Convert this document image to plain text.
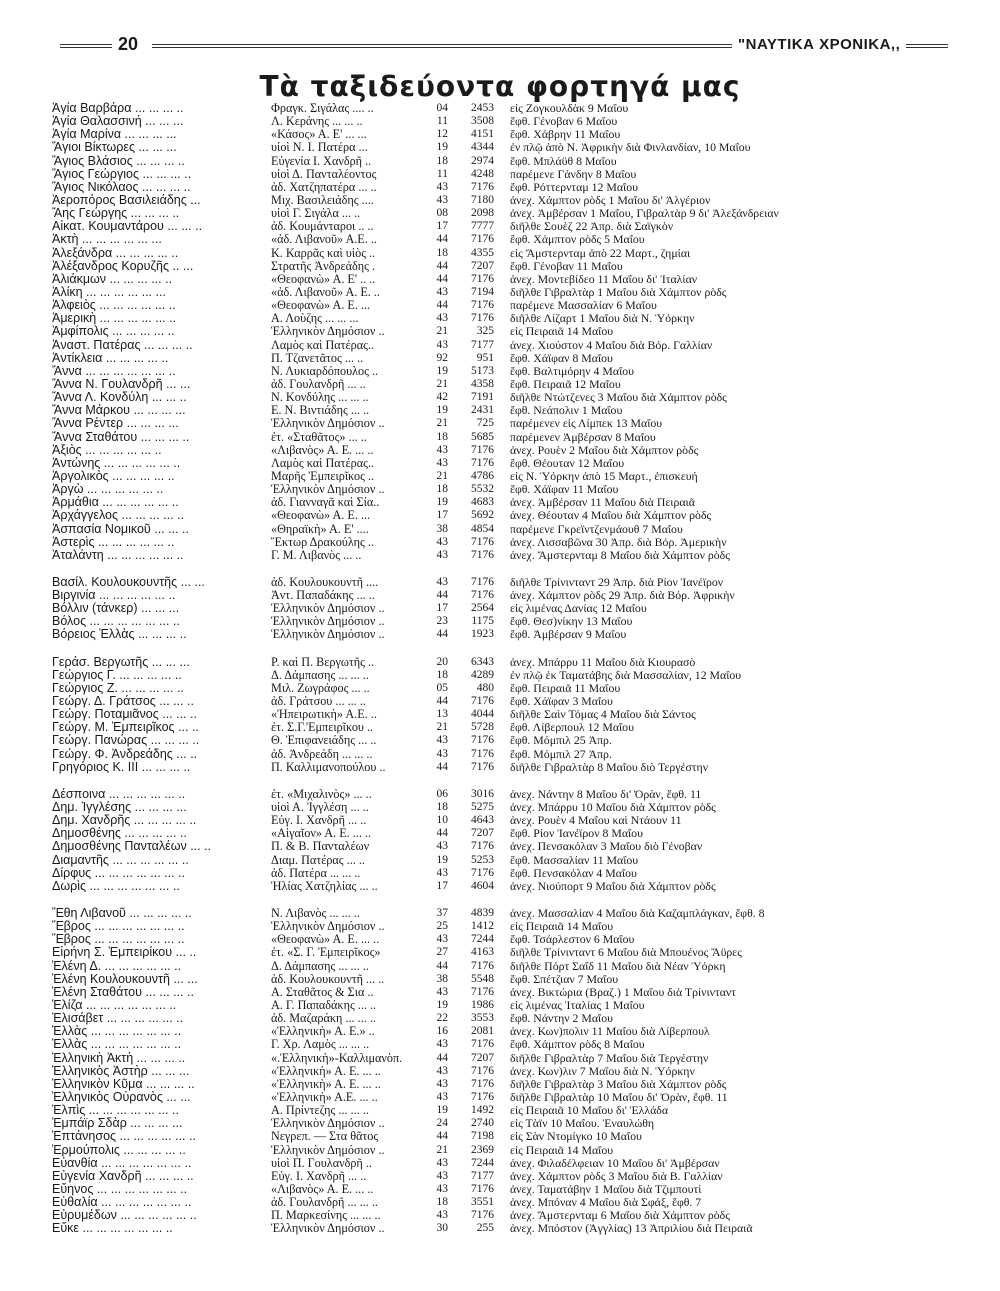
20	"ΝΑΥΤΙΚΑ ΧΡΟΝΙΚΑ,,
Τὰ ταξιδεύοντα φορτηγά μας
Ἁγία Βαρβάρα ... ... ... ..	Φραγκ. Σιγάλας .... ..	04	2453 εἰς Ζογκουλδὰκ 9 Μαΐου
Ἁγία Θαλασσινή ... ... ...	Λ. Κεράνης ... ... ..	11	3508 ἔφθ. Γένοβαν 6 Μαΐου
Ἁγία Μαρίνα ... ... ... ...	«Κάσος» Α. Ε' ... ...	12	4151 ἔφθ. Χάβρην 11 Μαΐου
Ἅγιοι Βίκτωρες ... ... ...	υἱοὶ Ν. Ι. Πατέρα ...	19	4344 ἐν πλῷ ἀπὸ Ν. Ἀφρικὴν διὰ Φινλανδίαν, 10 Μαΐου
Ἅγιος Βλάσιος ... ... ... ..	Εὐγενία Ι. Χανδρῆ ..	18	2974 ἔφθ. Μπλάϋθ 8 Μαΐου
Ἅγιος Γεώργιος ... ... ... ..	υἱοὶ Δ. Πανταλέοντος	11	4248 παρέμενε Γάνδην 8 Μαΐου
Ἅγιος Νικόλαος ... ... ... ..	ἀδ. Χατζηπατέρα ... ..	43	7176 ἔφθ. Ρόττερνταμ 12 Μαΐου
Ἀεροπόρος Βασιλειάδης ...	Μιχ. Βασιλειάδης ....	43	7180 ἀνεχ. Χάμπτον ρὸδς 1 Μαΐου δι' Ἀλγέριον
Ἄης Γεώργης ... ... ... ..	υἱοὶ Γ. Σιγάλα ... ..	08	2098 ἀνεχ. Ἀμβέρσαν 1 Μαΐου, Γιβραλτὰρ 9 δι' Ἀλεξάνδρειαν
Αἰκατ. Κουμαντάρου ... ... ..	ἀδ. Κουμάνταροι .. ..	17	7777 διῆλθε Σουὲζ 22 Ἀπρ. διὰ Σαϊγκὸν
Ἀκτὴ ... ... ... ... ... ...	«ἀδ. Λιβανοῦ» Α.Ε. ..	44	7176 ἔφθ. Χάμπτον ρὸδς 5 Μαΐου
Ἀλεξάνδρα ... ... ... ... ..	Κ. Καρρᾶς καὶ υἱὸς ..	18	4355 εἰς Ἄμστερνταμ ἀπὸ 22 Μαρτ., ζημίαι
Ἀλέξανδρος Κορυζῆς .. ...	Στρατῆς Ἀνδρεάδης .	44	7207 ἔφθ. Γένοβαν 11 Μαΐου
Ἀλιάκμων ... ... ... ... ..	«Θεοφανὼ» Α. Ε' .. ..	44	7176 ἀνεχ. Μοντεβίδεο 11 Μαΐου δι' Ἰταλίαν
Ἀλίκη ... ... ... ... ... ...	«ἀδ. Λιβανοῦ» Α. Ε. ..	43	7194 διῆλθε Γιβραλτὰρ 1 Μαΐου διὰ Χάμπτον ρὸδς
Ἀλφειὸς ... ... ... ... ... ..	«Θεοφανὼ» Α. Ε. ...	44	7176 παρέμενε Μασσαλίαν 6 Μαΐου
Ἀμερικὴ ... ... ... ... ... ..	Α. Λοὺζης ... ... ...	43	7176 διῆλθε Λίζαρτ 1 Μαΐου διὰ Ν. Ὑόρκην
Ἀμφίπολις ... ... ... ... ..	Ἑλληνικὸν Δημόσιον ..	21	325 εἰς Πειραιᾶ 14 Μαΐου
Ἀναστ. Πατέρας ... ... ... ..	Λαμὸς καὶ Πατέρας..	43	7177 ἀνεχ. Χιούστον 4 Μαΐου διὰ Βόρ. Γαλλίαν
Ἀντίκλεια ... ... ... ... ..	Π. Τζανετᾶτος ... ..	92	951 ἔφθ. Χάϊφαν 8 Μαΐου
Ἄννα ... ... ... ... ... ... ..	Ν. Λυκιαρδόπουλος ..	19	5173 ἔφθ. Βαλτιμόρην 4 Μαΐου
Ἄννα Ν. Γουλανδρῆ ... ...	ἀδ. Γουλανδρῆ ... ..	21	4358 ἔφθ. Πειραιᾶ 12 Μαΐου
Ἄννα Λ. Κονδύλη ... ... ..	Ν. Κονδύλης ... ... ..	42	7191 διῆλθε Ντώτζενες 3 Μαΐου διὰ Χάμπτον ρὸδς
Ἄννα Μάρκου ... ... ... ...	Ε. Ν. Βιντιάδης ... ..	19	2431 ἔφθ. Νεάπολιν 1 Μαΐου
Ἄννα Ρέντερ ... ... ... ...	Ἑλληνικὸν Δημόσιον ..	21	725 παρέμενεν εἰς Λίμπεκ 13 Μαΐου
Ἄννα Σταθάτου ... ... ... ..	ἐτ. «Σταθᾶτος» ... ..	18	5685 παρέμενεν Ἀμβέρσαν 8 Μαΐου
Ἀξιὸς ... ... ... ... ... ..	«Λιβανὸς» Α. Ε. ... ..	43	7176 ἀνεχ. Ρουὲν 2 Μαΐου διὰ Χάμπτον ρὸδς
Ἀντώνης ... ... ... ... ... ..	Λαμὸς καὶ Πατέρας..	43	7176 ἔφθ. Θέουταν 12 Μαΐου
Ἀργολικὸς ... ... ... ... ..	Μαρῆς Ἐμπειρῖκος ..	21	4786 εἰς Ν. Ὑόρκην ἀπὸ 15 Μαρτ., ἐπισκευή
Ἀργὼ ... ... ... ... ... ..	Ἑλληνικὸν Δημόσιον ..	18	5532 ἔφθ. Χάϊφαν 11 Μαΐου
Ἀρμάθια ... ... ... ... ... ..	ἀδ. Γιανναγᾶ καὶ Σία..	19	4683 ἀνεχ. Ἀμβέρσαν 11 Μαΐου διὰ Πειραιᾶ
Ἀρχάγγελος ... ... ... ... ..	«Θεοφανὼ» Α. Ε. ...	17	5692 ἀνεχ. Θέουταν 4 Μαΐου διὰ Χάμπτον ρὸδς
Ἀσπασία Νομικοῦ ... ... ..	«Θηραϊκὴ» Α. Ε' ....	38	4854 παρέμενε Γκρεϊντζενμάουθ 7 Μαΐου
Ἀστερὶς ... ... ... ... ... ..	Ἕκτωρ Δρακούλης ..	43	7176 ἀνεχ. Λισσαβῶνα 30 Ἀπρ. διὰ Βόρ. Ἀμερικὴν
Ἀταλάντη ... ... ... ... ... ..	Γ. Μ. Λιβανὸς ... ..	43	7176 ἀνεχ. Ἄμστερνταμ 8 Μαΐου διὰ Χάμπτον ρὸδς
Βασίλ. Κουλουκουντῆς ... ...	ἀδ. Κουλουκουντῆ ....	43	7176 διῆλθε Τρίνινταντ 29 Ἀπρ. διὰ Ρίον Ἰανέϊρον
Βιργινία ... ... ... ... ... ..	Ἀντ. Παπαδάκης ... ..	44	7176 ἀνεχ. Χάμπτον ρὸδς 29 Ἀπρ. διὰ Βόρ. Ἀφρικὴν
Βόλλιν (τάνκερ) ... ... ...	Ἑλληνικὸν Δημόσιον ..	17	2564 εἰς λιμένας Δανίας 12 Μαΐου
Βόλος ... ... ... ... ... ... ..	Ἑλληνικὸν Δημόσιον ..	23	1175 ἔφθ. Θεσ)νίκην 13 Μαΐου
Βόρειος Ἑλλὰς ... ... ... ..	Ἑλληνικὸν Δημόσιον ..	44	1923 ἔφθ. Ἀμβέρσαν 9 Μαΐου
Γεράσ. Βεργωτῆς ... ... ...	Ρ. καὶ Π. Βεργωτῆς ..	20	6343 ἀνεχ. Μπάρρυ 11 Μαΐου διὰ Κιουρασὸ
Γεώργιος Γ. ... ... ... ... ..	Δ. Δάμπασης ... ... ..	18	4289 ἐν πλῷ ἐκ Ταματάβης διὰ Μασσαλίαν, 12 Μαΐου
Γεώργιος Ζ. ... ... ... ... ..	Μιλ. Ζωγράφος ... ..	05	480 ἔφθ. Πειραιᾶ 11 Μαΐου
Γεώργ. Δ. Γράτσος ... ... ..	ἀδ. Γράτσου ... ... ..	44	7176 ἔφθ. Χάϊφαν 3 Μαΐου
Γεώργ. Ποταμιᾶνος ... ... ..	«Ἠπειρωτικὴ» Α.Ε. ..	13	4044 διῆλθε Σαὶν Τόμας 4 Μαΐου διὰ Σάντος
Γεώργ. Μ. Ἐμπειρῖκος ... ..	ἐτ. Σ.Γ.'Εμπειρῖκου ..	21	5728 ἔφθ. Λίβερπουλ 12 Μαΐου
Γεώργ. Πανώρας ... ... ... ..	Θ. Ἐπιφανειάδης ... ..	43	7176 ἔφθ. Μόμπιλ 25 Ἀπρ.
Γεώργ. Φ. Ἀνδρεάδης ... ..	ἀδ. Ἀνδρεάδη ... ... ..	43	7176 ἔφθ. Μόμπιλ 27 Ἀπρ.
Γρηγόριος Κ. ΙΙΙ ... ... ... ..	Π. Καλλιμανοπούλου ..	44	7176 διῆλθε Γιβραλτὰρ 8 Μαΐου διὸ Τεργέστην
Δέσποινα ... ... ... ... ... ..	ἐτ. «Μιχαλινὸς» ... ..	06	3016 ἀνεχ. Νάντην 8 Μαΐου δι' Ὀρὰν, ἔφθ. 11
Δημ. Ἰγγλέσης ... ... ... ...	υἱοὶ Α. Ἰγγλέση ... ..	18	5275 ἀνεχ. Μπάρρυ 10 Μαΐου διὰ Χάμπτον ρὸδς
Δημ. Χανδρῆς ... ... ... ... ..	Εὐγ. Ι. Χανδρῆ ... ..	10	4643 ἀνεχ. Ρουὲν 4 Μαΐου καὶ Ντάουν 11
Δημοσθένης ... ... ... ... ..	«Αἰγαῖον» Α. Ε. ... ..	44	7207 ἔφθ. Ρίον Ἰανέϊρον 8 Μαΐου
Δημοσθένης Πανταλέων ... ..	Π. & Β. Πανταλέων	43	7176 ἀνεχ. Πενσακόλαν 3 Μαΐου διὸ Γένοβαν
Διαμαντῆς ... ... ... ... ... ..	Διαμ. Πατέρας ... ..	19	5253 ἔφθ. Μασσαλίαν 11 Μαΐου
Δίρφυς ... ... ... ... ... ... ..	ἀδ. Πατέρα ... ... ..	43	7176 ἔφθ. Πενσακόλαν 4 Μαΐου
Δωρὶς ... ... ... ... ... ... ..	Ἠλίας Χατζηλίας ... ..	17	4604 ἀνεχ. Νιούπορτ 9 Μαΐου διὰ Χάμπτον ρὸδς
Ἔθη Λιβανοῦ ... ... ... ... ..	Ν. Λιβανὸς ... ... ..	37	4839 ἀνεχ. Μασσαλίαν 4 Μαΐου διὰ Καζαμπλάγκαν, ἔφθ. 8
Ἕβρος ... ... ... ... ... ... ..	Ἑλληνικὸν Δημόσιον ..	25	1412 εἰς Πειραιᾶ 14 Μαΐου
Ἕβρος ... ... ... ... ... ... ..	«Θεοφανὼ» Α. Ε. ... ..	43	7244 ἔφθ. Τσάρλεστον 6 Μαΐου
Εἰρήνη Σ. Ἐμπειρίκου ... ..	ἐτ. «Σ. Γ. Ἐμπειρῖκος»	27	4163 διῆλθε Τρίνινταντ 6 Μαΐου διὰ Μπουένος Ἄϋρες
Ἑλένη Δ. ... ... ... ... ... ..	Δ. Δάμπασης ... ... ..	44	7176 διῆλθε Πόρτ Σαΐδ 11 Μαΐου διὰ Νέαν Ὑόρκη
Ἑλένη Κουλουκουντῆ ... ...	ἀδ. Κουλουκουντῆ ... ..	38	5548 ἔφθ. Σπέτζιαν 7 Μαΐου
Ἑλένη Σταθάτου ... ... ... ..	Α. Σταθᾶτος & Σια ..	43	7176 ἀνεχ. Βικτώρια (Βραζ.) 1 Μαΐου διὰ Τρίνινταντ
Ἑλίζα ... ... ... ... ... ... ..	Α. Γ. Παπαδάκης ... ..	19	1986 εἰς λιμένας Ἰταλίας 1 Μαΐου
Ἐλισάβετ ... ... ... ... ... ..	ἀδ. Μαζαράκη ... ... ..	22	3553 ἔφθ. Νάντην 2 Μαΐου
Ἑλλὰς ... ... ... ... ... ... ..	«Ἑλληνικὴ» Α. Ε.» ..	16	2081 ἀνεχ. Κων)πολιν 11 Μαΐου διὰ Λίβερπουλ
Ἑλλὰς ... ... ... ... ... ... ..	Γ. Χρ. Λαμὸς ... ... ..	43	7176 ἔφθ. Χάμπτον ρὸδς 8 Μαΐου
Ἑλληνικὴ Ἀκτὴ ... ... ... ..	«.Ἑλληνικὴ»-Καλλιμανὸπ.	44	7207 διῆλθε Γιβραλτὰρ 7 Μαΐου διὰ Τεργέστην
Ἑλληνικὸς Ἀστὴρ ... ... ...	«Ἑλληνικὴ» Α. Ε. ... ..	43	7176 ἀνεχ. Κων)λιν 7 Μαΐου διὰ Ν. Ὑόρκην
Ἑλληνικὸν Κῦμα ... ... ... ..	«Ἑλληνικὴ» Α. Ε. ... ..	43	7176 διῆλθε Γιβραλτὰρ 3 Μαΐου διὰ Χάμπτον ρὸδς
Ἑλληνικὸς Οὐρανὸς ... ...	«Ἑλληνικὴ» Α.Ε. ... ..	43	7176 διῆλθε Γιβραλτὰρ 10 Μαΐου δι' Ὀρὰν, ἔφθ. 11
Ἐλπὶς ... ... ... ... ... ... ..	Α. Πρίντεζης ... ... ..	19	1492 εἰς Πειραιᾶ 10 Μαΐου δι' Ἑλλάδα
Ἐμπάϊρ Σδὰρ ... ... ... ...	Ἑλληνικὸν Δημόσιον ..	24	2740 εἰς Τὰϊν 10 Μαΐου. Ἐναυλώθη
Ἑπτάνησος ... ... ... ... ... ..	Νεγρεπ. — Στα θᾶτος	44	7198 εἰς Σὰν Ντομίγκο 10 Μαΐου
Ἑρμούπολις ... ... ... ... ..	Ἑλληνικὸν Δημόσιον ..	21	2369 εἰς Πειραιᾶ 14 Μαΐου
Εὐανθία ... ... ... ... ... ... ..	υἱοὶ Π. Γουλανδρῆ ..	43	7244 ἀνεχ. Φιλαδέλφειαν 10 Μαΐου δι' Ἀμβέρσαν
Εὐγενία Χανδρῆ ... ... ... ..	Εὐγ. Ι. Χανδρῆ ... ..	43	7177 ἀνεχ. Χάμπτον ρὸδς 3 Μαΐου διὰ Β. Γαλλίαν
Εὔηνος ... ... ... ... ... ... ..	«Λιβανὸς» Α. Ε. ... ..	43	7176 ἀνεχ. Ταματάβην 1 Μαΐου διὰ Τζιμπουτὶ
Εὐθαλία ... ... ... ... ... ... ..	ἀδ. Γουλανδρῆ ... ... ..	18	3551 ἀνεχ. Μπόναν 4 Μαΐου διὰ Σφάξ, ἔφθ. 7
Εὐρυμέδων ... ... ... ... ... ..	Π. Μαρκεσίνης ... ... ..	43	7176 ἀνεχ. Ἄμστερνταμ 6 Μαΐου διὰ Χάμπτον ρὸδς
Εὔκε ... ... ... ... ... ... ..	Ἑλληνικὸν Δημόσιον ..	30	255 ἀνεχ. Μπόστον (Ἀγγλίας) 13 Ἀπριλίου διὰ Πειραιᾶ
